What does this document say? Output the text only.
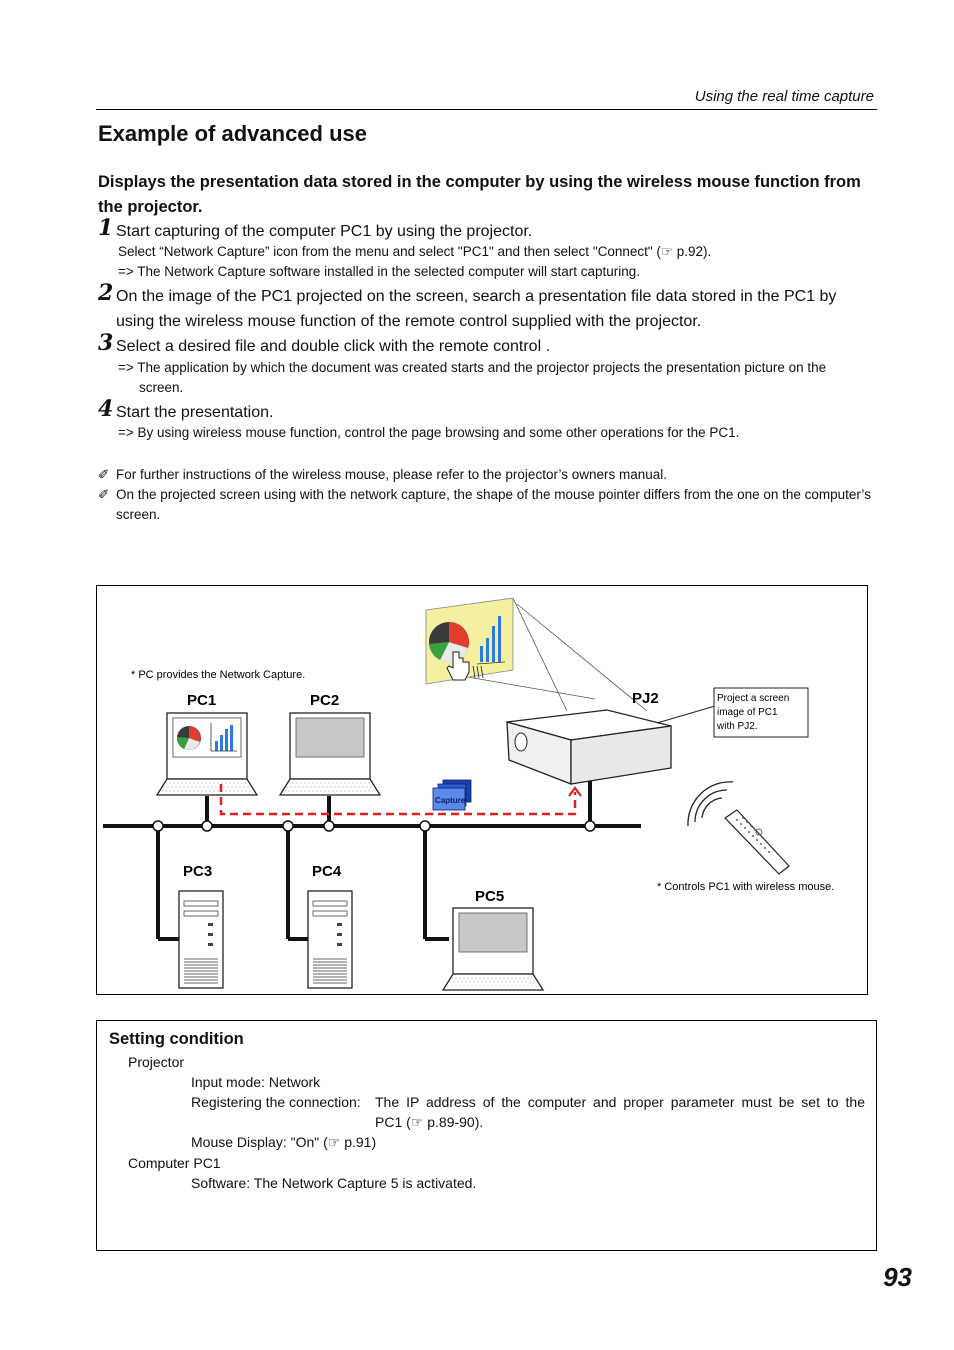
Using the real time capture
Example of advanced use
Displays the presentation data stored in the computer by using the wireless mouse function from the projector.
1 Start capturing of the computer PC1 by using the projector.
Select “Network Capture” icon from the menu and select "PC1" and then select "Connect" (☞ p.92).
=> The Network Capture software installed in the selected computer will start capturing.
2 On the image of the PC1 projected on the screen, search a presentation file data stored in the PC1 by using the wireless mouse function of the remote control supplied with the projector.
3 Select a desired file and double click with the remote control .
=> The application by which the document was created starts and the projector projects the presentation picture on the screen.
4 Start the presentation.
=> By using wireless mouse function, control the page browsing and some other operations for the PC1.
✐ For further instructions of the wireless mouse, please refer to the projector’s owners manual.
✐ On the projected screen using with the network capture, the shape of the mouse pointer differs from the one on the computer’s screen.
* PC provides the Network Capture.
PJ2	Project a screen
image of PC1
with PJ2.
PC1	PC2
PC3	PC4
PC5
Capture
* Controls PC1 with wireless mouse.
Setting condition
Projector
Input mode: Network
Registering the connection: The IP address of the computer and proper parameter must be set to the
PC1 (☞ p.89-90).
Mouse Display: "On" (☞ p.91)
Computer PC1
Software: The Network Capture 5 is activated.
93
